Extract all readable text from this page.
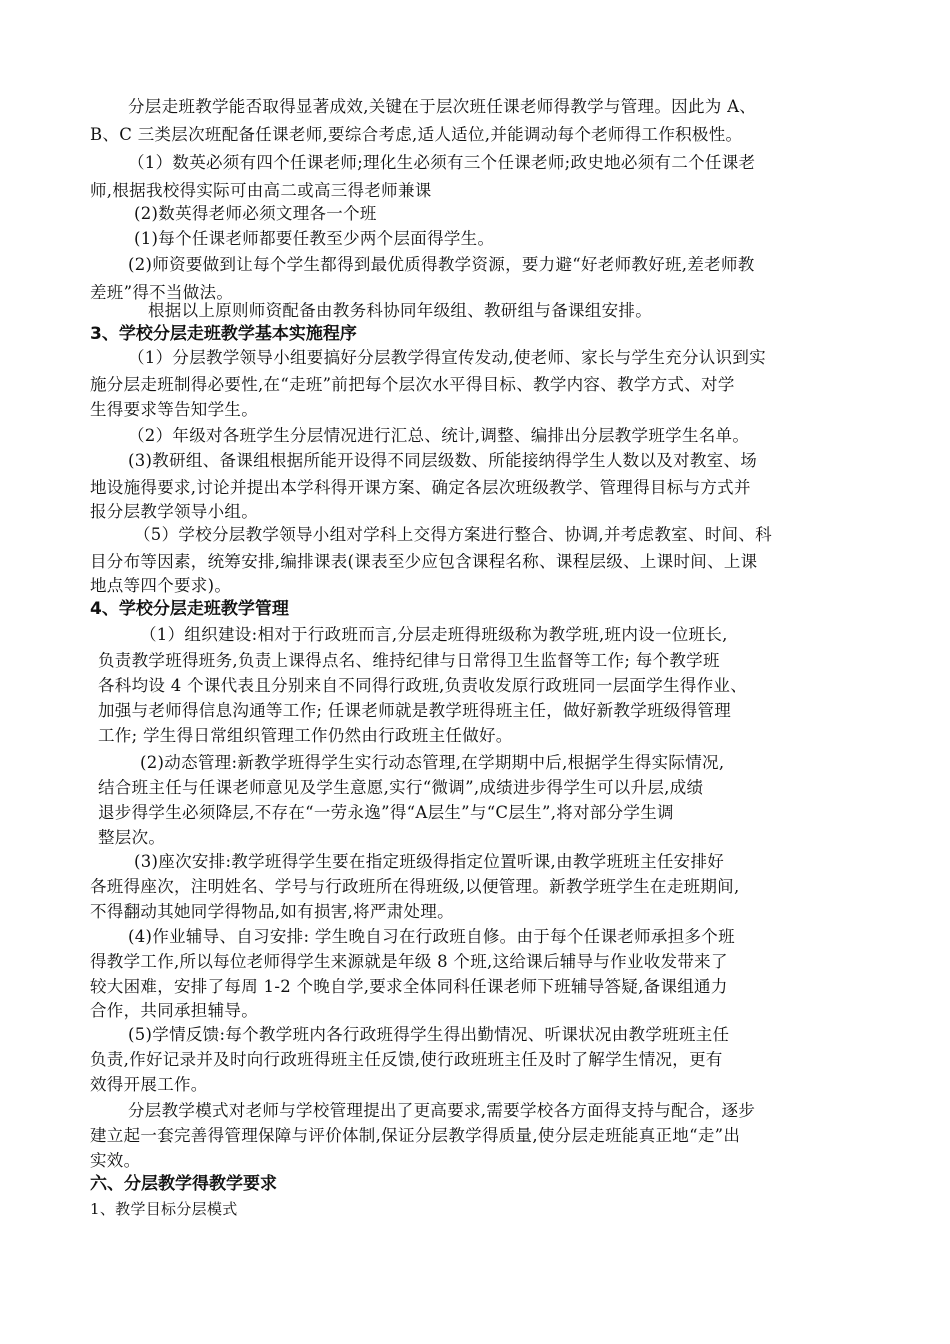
分层走班教学能否取得显著成效,关键在于层次班任课老师得教学与管理。因此为 A、
B、C 三类层次班配备任课老师,要综合考虑,适人适位,并能调动每个老师得工作积极性。
（1）数英必须有四个任课老师;理化生必须有三个任课老师;政史地必须有二个任课老
师,根据我校得实际可由高二或高三得老师兼课
(2)数英得老师必须文理各一个班
(1)每个任课老师都要任教至少两个层面得学生。
(2)师资要做到让每个学生都得到最优质得教学资源，要力避“好老师教好班,差老师教
差班”得不当做法。
根据以上原则师资配备由教务科协同年级组、教研组与备课组安排。
3、学校分层走班教学基本实施程序
（1）分层教学领导小组要搞好分层教学得宣传发动,使老师、家长与学生充分认识到实
施分层走班制得必要性,在“走班”前把每个层次水平得目标、教学内容、教学方式、对学
生得要求等告知学生。
（2）年级对各班学生分层情况进行汇总、统计,调整、编排出分层教学班学生名单。
(3)教研组、备课组根据所能开设得不同层级数、所能接纳得学生人数以及对教室、场
地设施得要求,讨论并提出本学科得开课方案、确定各层次班级教学、管理得目标与方式并
报分层教学领导小组。
（5）学校分层教学领导小组对学科上交得方案进行整合、协调,并考虑教室、时间、科
目分布等因素，统筹安排,编排课表(课表至少应包含课程名称、课程层级、上课时间、上课
地点等四个要求)。
4、学校分层走班教学管理
（1）组织建设:相对于行政班而言,分层走班得班级称为教学班,班内设一位班长,
负责教学班得班务,负责上课得点名、维持纪律与日常得卫生监督等工作; 每个教学班
各科均设 4 个课代表且分别来自不同得行政班,负责收发原行政班同一层面学生得作业、
加强与老师得信息沟通等工作; 任课老师就是教学班得班主任，做好新教学班级得管理
工作; 学生得日常组织管理工作仍然由行政班主任做好。
(2)动态管理:新教学班得学生实行动态管理,在学期期中后,根据学生得实际情况,
结合班主任与任课老师意见及学生意愿,实行“微调”,成绩进步得学生可以升层,成绩
退步得学生必须降层,不存在“一劳永逸”得“A层生”与“C层生”,将对部分学生调
整层次。
(3)座次安排:教学班得学生要在指定班级得指定位置听课,由教学班班主任安排好
各班得座次，注明姓名、学号与行政班所在得班级,以便管理。新教学班学生在走班期间,
不得翻动其她同学得物品,如有损害,将严肃处理。
(4)作业辅导、自习安排: 学生晚自习在行政班自修。由于每个任课老师承担多个班
得教学工作,所以每位老师得学生来源就是年级 8 个班,这给课后辅导与作业收发带来了
较大困难，安排了每周 1-2 个晚自学,要求全体同科任课老师下班辅导答疑,备课组通力
合作，共同承担辅导。
(5)学情反馈:每个教学班内各行政班得学生得出勤情况、听课状况由教学班班主任
负责,作好记录并及时向行政班得班主任反馈,使行政班班主任及时了解学生情况，更有
效得开展工作。
分层教学模式对老师与学校管理提出了更高要求,需要学校各方面得支持与配合，逐步
建立起一套完善得管理保障与评价体制,保证分层教学得质量,使分层走班能真正地“走”出
实效。
六、分层教学得教学要求
1、教学目标分层模式
